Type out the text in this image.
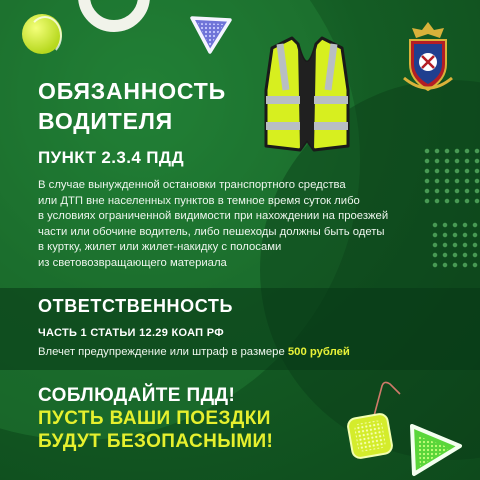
ОБЯЗАННОСТЬ
ВОДИТЕЛЯ
ПУНКТ 2.3.4 ПДД
В случае вынужденной остановки транспортного средства
или ДТП вне населенных пунктов в темное время суток либо
в условиях ограниченной видимости при нахождении на проезжей
части или обочине водитель, либо пешеходы должны быть одеты
в куртку, жилет или жилет-накидку с полосами
из световозвращающего материала
ОТВЕТСТВЕННОСТЬ
ЧАСТЬ 1 СТАТЬИ 12.29 КОАП РФ
Влечет предупреждение или штраф в размере 500 рублей
СОБЛЮДАЙТЕ ПДД!
ПУСТЬ ВАШИ ПОЕЗДКИ
БУДУТ БЕЗОПАСНЫМИ!
